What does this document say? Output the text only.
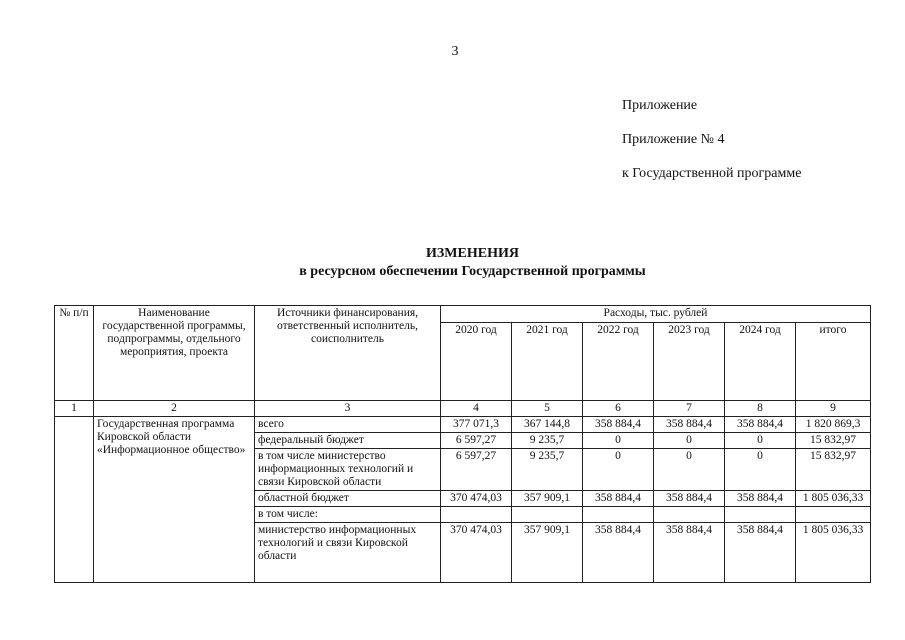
3
Приложение
Приложение № 4
к Государственной программе
ИЗМЕНЕНИЯ
в ресурсном обеспечении Государственной программы
№ п/п	Наименование государственной программы, подпрограммы, отдельного мероприятия, проекта	Источники финансирования, ответственный исполнитель, соисполнитель	Расходы, тыс. рублей					
			2020 год	2021 год	2022 год	2023 год	2024 год	итого
1	2	3	4	5	6	7	8	9
	Государственная программа Кировской области «Информационное общество»	всего	377 071,3	367 144,8	358 884,4	358 884,4	358 884,4	1 820 869,3
		федеральный бюджет	6 597,27	9 235,7	0	0	0	15 832,97
		в том числе министерство информационных технологий и связи Кировской области	6 597,27	9 235,7	0	0	0	15 832,97
		областной бюджет	370 474,03	357 909,1	358 884,4	358 884,4	358 884,4	1 805 036,33
		в том числе:						
		министерство информационных технологий и связи Кировской области	370 474,03	357 909,1	358 884,4	358 884,4	358 884,4	1 805 036,33
